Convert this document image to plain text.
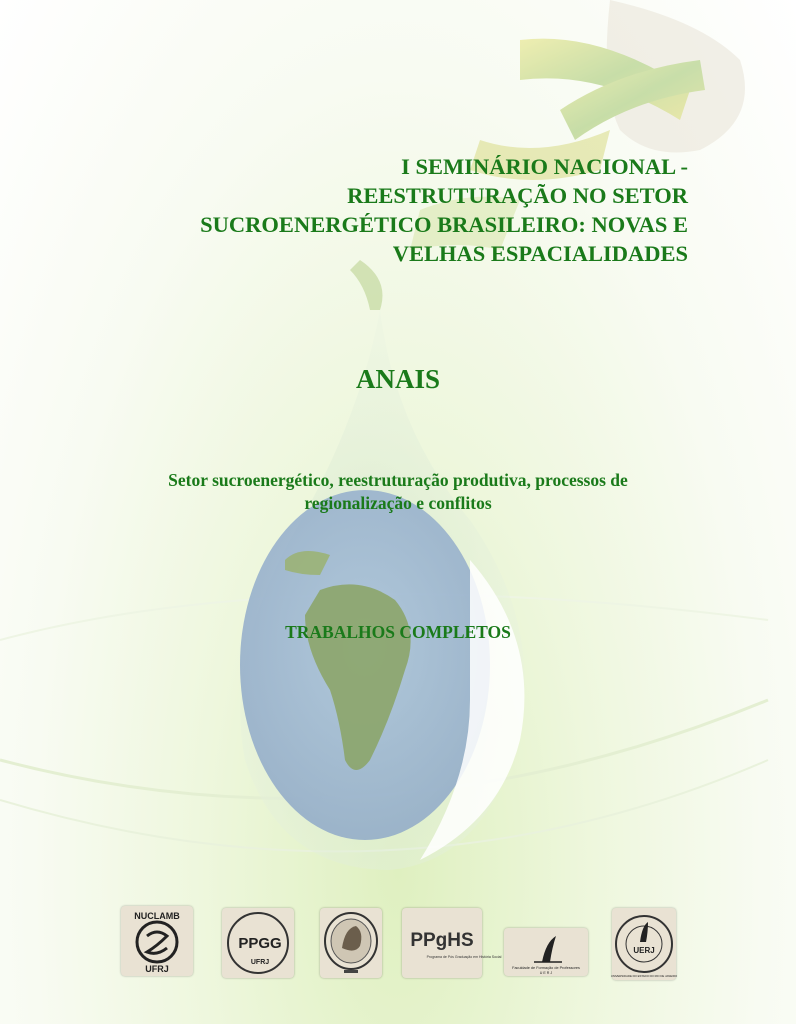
I SEMINÁRIO NACIONAL -
REESTRUTURAÇÃO NO SETOR
SUCROENERGÉTICO BRASILEIRO: NOVAS E
VELHAS ESPACIALIDADES
ANAIS
Setor sucroenergético, reestruturação produtiva, processos de
regionalização e conflitos
TRABALHOS COMPLETOS
NUCLAMB
UFRJ
PPGG
UFRJ
PPgHS
Programa de Pós Graduação em História Social
Faculdade de Formação de Professores
U E R J
UERJ
UNIVERSIDADE DO ESTADO DO RIO DE JANEIRO
